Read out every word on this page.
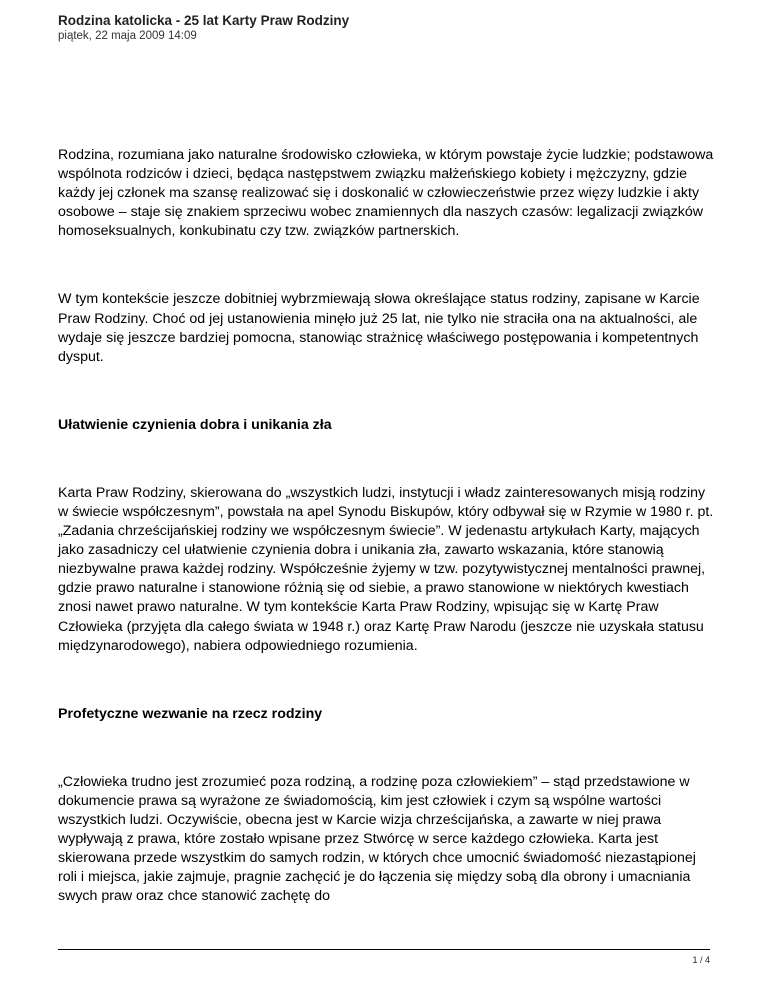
Rodzina katolicka - 25 lat Karty Praw Rodziny
piątek, 22 maja 2009 14:09

Rodzina, rozumiana jako naturalne środowisko człowieka, w którym powstaje życie ludzkie; podstawowa wspólnota rodziców i dzieci, będąca następstwem związku małżeńskiego kobiety i mężczyzny, gdzie każdy jej członek ma szansę realizować się i doskonalić w człowieczeństwie przez więzy ludzkie i akty osobowe – staje się znakiem sprzeciwu wobec znamiennych dla naszych czasów: legalizacji związków homoseksualnych, konkubinatu czy tzw. związków partnerskich.

W tym kontekście jeszcze dobitniej wybrzmiewają słowa określające status rodziny, zapisane w Karcie Praw Rodziny. Choć od jej ustanowienia minęło już 25 lat, nie tylko nie straciła ona na aktualności, ale wydaje się jeszcze bardziej pomocna, stanowiąc strażnicę właściwego postępowania i kompetentnych dysput.

Ułatwienie czynienia dobra i unikania zła

Karta Praw Rodziny, skierowana do „wszystkich ludzi, instytucji i władz zainteresowanych misją rodziny w świecie współczesnym”, powstała na apel Synodu Biskupów, który odbywał się w Rzymie w 1980 r. pt. „Zadania chrześcijańskiej rodziny we współczesnym świecie”. W jedenastu artykułach Karty, mających jako zasadniczy cel ułatwienie czynienia dobra i unikania zła, zawarto wskazania, które stanowią niezbywalne prawa każdej rodziny. Współcześnie żyjemy w tzw. pozytywistycznej mentalności prawnej, gdzie prawo naturalne i stanowione różnią się od siebie, a prawo stanowione w niektórych kwestiach znosi nawet prawo naturalne. W tym kontekście Karta Praw Rodziny, wpisując się w Kartę Praw Człowieka (przyjęta dla całego świata w 1948 r.) oraz Kartę Praw Narodu (jeszcze nie uzyskała statusu międzynarodowego), nabiera odpowiedniego rozumienia.

Profetyczne wezwanie na rzecz rodziny

„Człowieka trudno jest zrozumieć poza rodziną, a rodzinę poza człowiekiem” – stąd przedstawione w dokumencie prawa są wyrażone ze świadomością, kim jest człowiek i czym są wspólne wartości wszystkich ludzi. Oczywiście, obecna jest w Karcie wizja chrześcijańska, a zawarte w niej prawa wypływają z prawa, które zostało wpisane przez Stwórcę w serce każdego człowieka. Karta jest skierowana przede wszystkim do samych rodzin, w których chce umocnić świadomość niezastąpionej roli i miejsca, jakie zajmuje, pragnie zachęcić je do łączenia się między sobą dla obrony i umacniania swych praw oraz chce stanowić zachętę do

1 / 4
